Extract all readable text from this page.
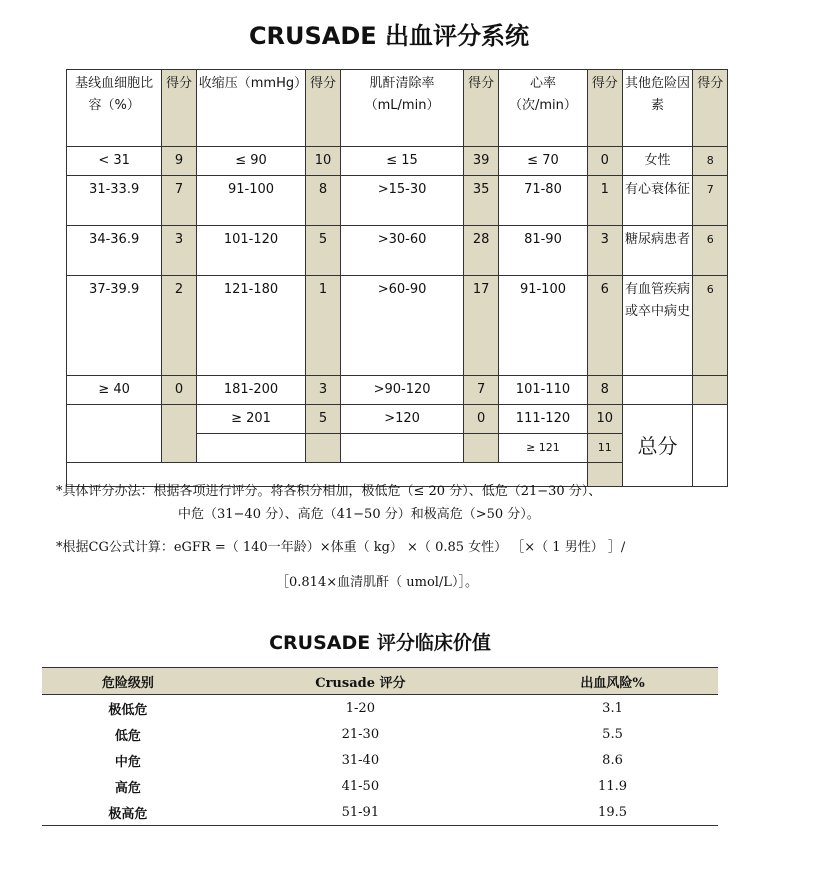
CRUSADE 出血评分系统
基线血细胞比容（%）	得分	收缩压（mmHg）	得分	肌酐清除率（mL/min）	得分	心率（次/min）	得分	其他危险因素	得分
< 31	9	≤ 90	10	≤ 15	39	≤ 70	0	女性	8
31-33.9	7	91-100	8	>15-30	35	71-80	1	有心衰体征	7
34-36.9	3	101-120	5	>30-60	28	81-90	3	糖尿病患者	6
37-39.9	2	121-180	1	>60-90	17	91-100	6	有血管疾病或卒中病史	6
≥ 40	0	181-200	3	>90-120	7	101-110	8		
		≥ 201	5	>120	0	111-120	10	总分	
						≥ 121	11		

*具体评分办法：根据各项进行评分。将各积分相加，极低危（≤ 20 分）、低危（21−30 分）、
中危（31−40 分）、高危（41−50 分）和极高危（>50 分）。
*根据CG公式计算：eGFR =（ 140一年龄）×体重（ kg） ×（ 0.85 女性） ［×（ 1 男性） ］/
［0.814×血清肌酐（ umol/L）］。
CRUSADE 评分临床价值
危险级别	Crusade 评分	出血风险%
极低危	1-20	3.1
低危	21-30	5.5
中危	31-40	8.6
高危	41-50	11.9
极高危	51-91	19.5
